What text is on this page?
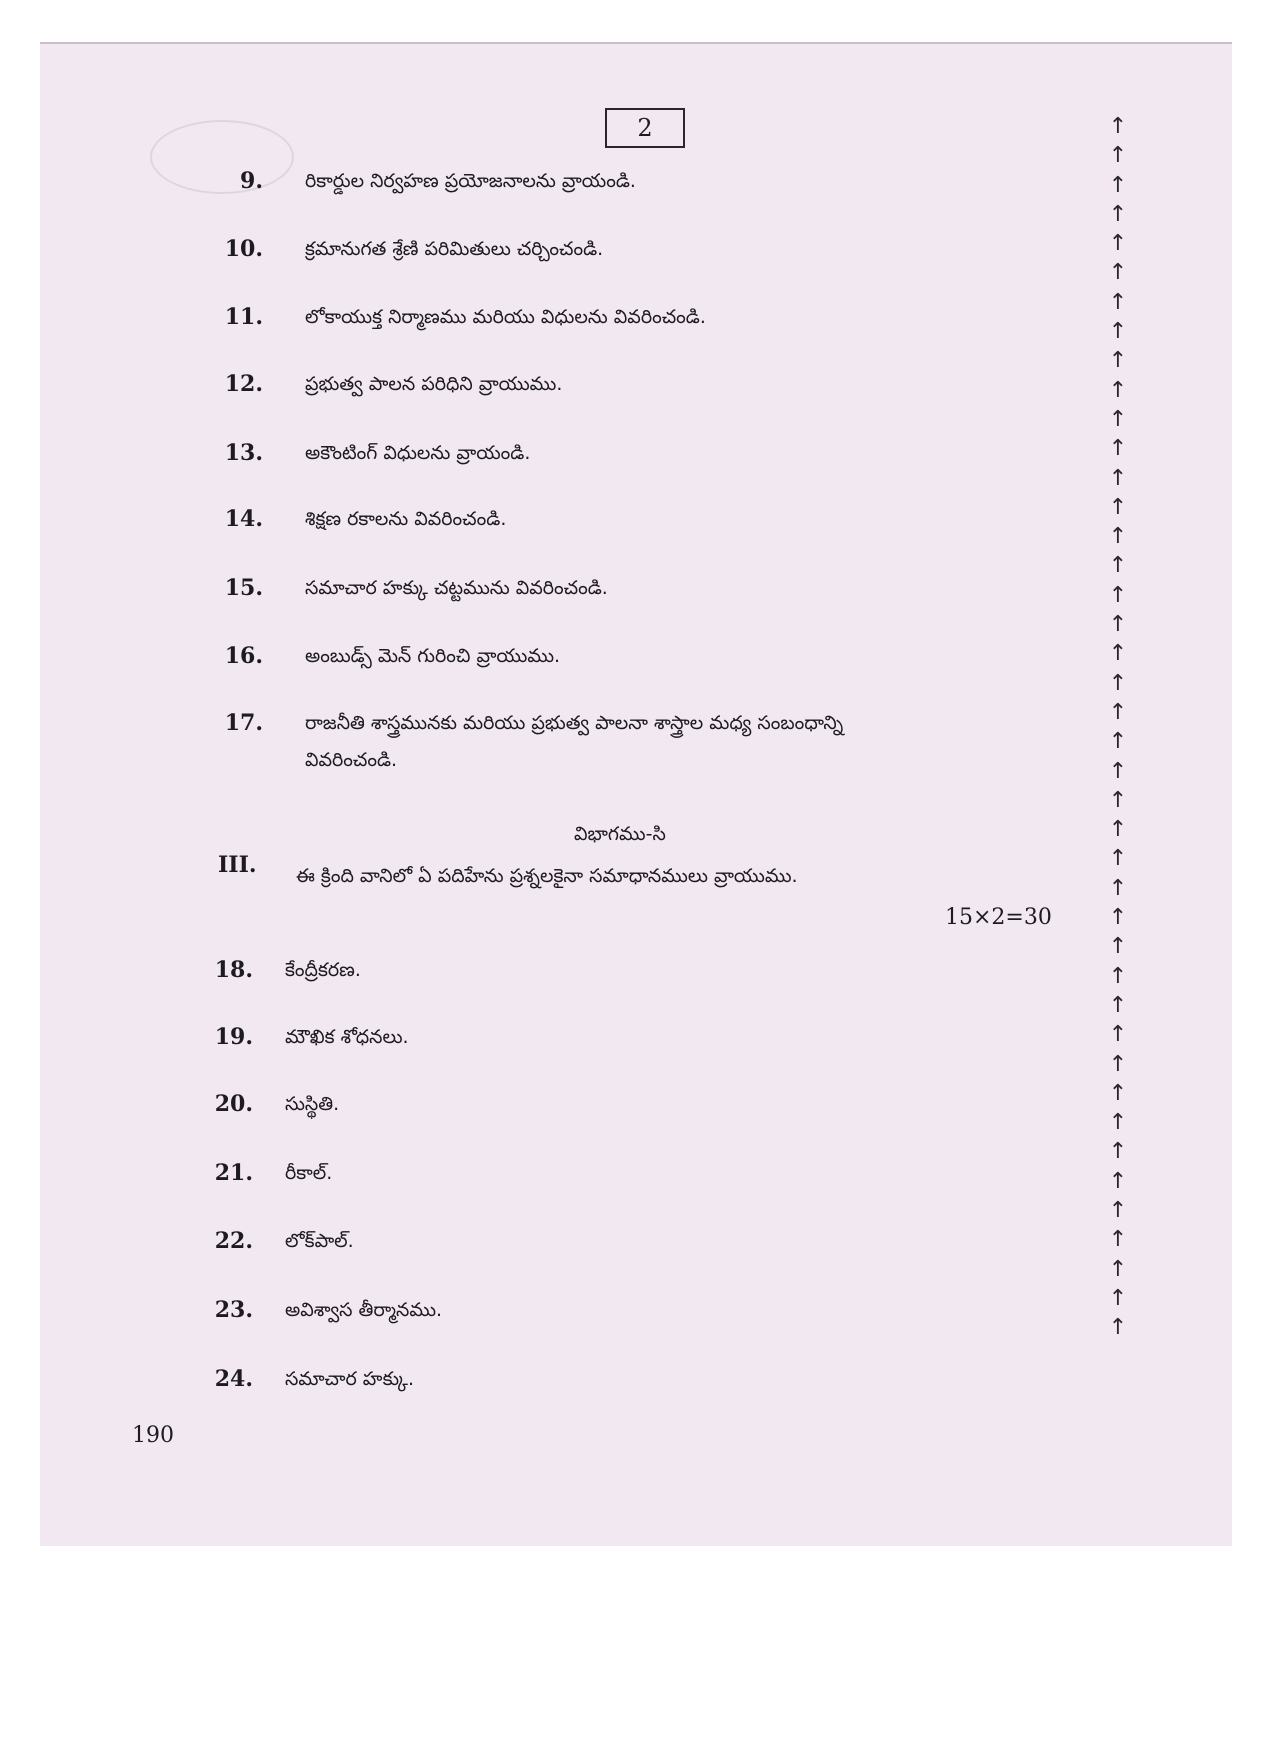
2
9. రికార్డుల నిర్వహణ ప్రయోజనాలను వ్రాయండి.
10. క్రమానుగత శ్రేణి పరిమితులు చర్చించండి.
11. లోకాయుక్త నిర్మాణము మరియు విధులను వివరించండి.
12. ప్రభుత్వ పాలన పరిధిని వ్రాయుము.
13. అకౌంటింగ్ విధులను వ్రాయండి.
14. శిక్షణ రకాలను వివరించండి.
15. సమాచార హక్కు చట్టమును వివరించండి.
16. అంబుడ్స్ మెన్ గురించి వ్రాయుము.
17. రాజనీతి శాస్త్రమునకు మరియు ప్రభుత్వ పాలనా శాస్త్రాల మధ్య సంబంధాన్ని
వివరించండి.
విభాగము-సి
III. ఈ క్రింది వానిలో ఏ పదిహేను ప్రశ్నలకైనా సమాధానములు వ్రాయుము.
15×2=30
18. కేంద్రీకరణ.
19. మౌఖిక శోధనలు.
20. సుస్థితి.
21. రీకాల్.
22. లోక్‌పాల్.
23. అవిశ్వాస తీర్మానము.
24. సమాచార హక్కు.
↑
↑
↑
↑
↑
↑
↑
↑
↑
↑
↑
↑
↑
↑
↑
↑
↑
↑
↑
↑
↑
↑
↑
↑
↑
↑
↑
↑
↑
↑
↑
↑
↑
↑
↑
↑
↑
↑
↑
↑
↑
↑
190
